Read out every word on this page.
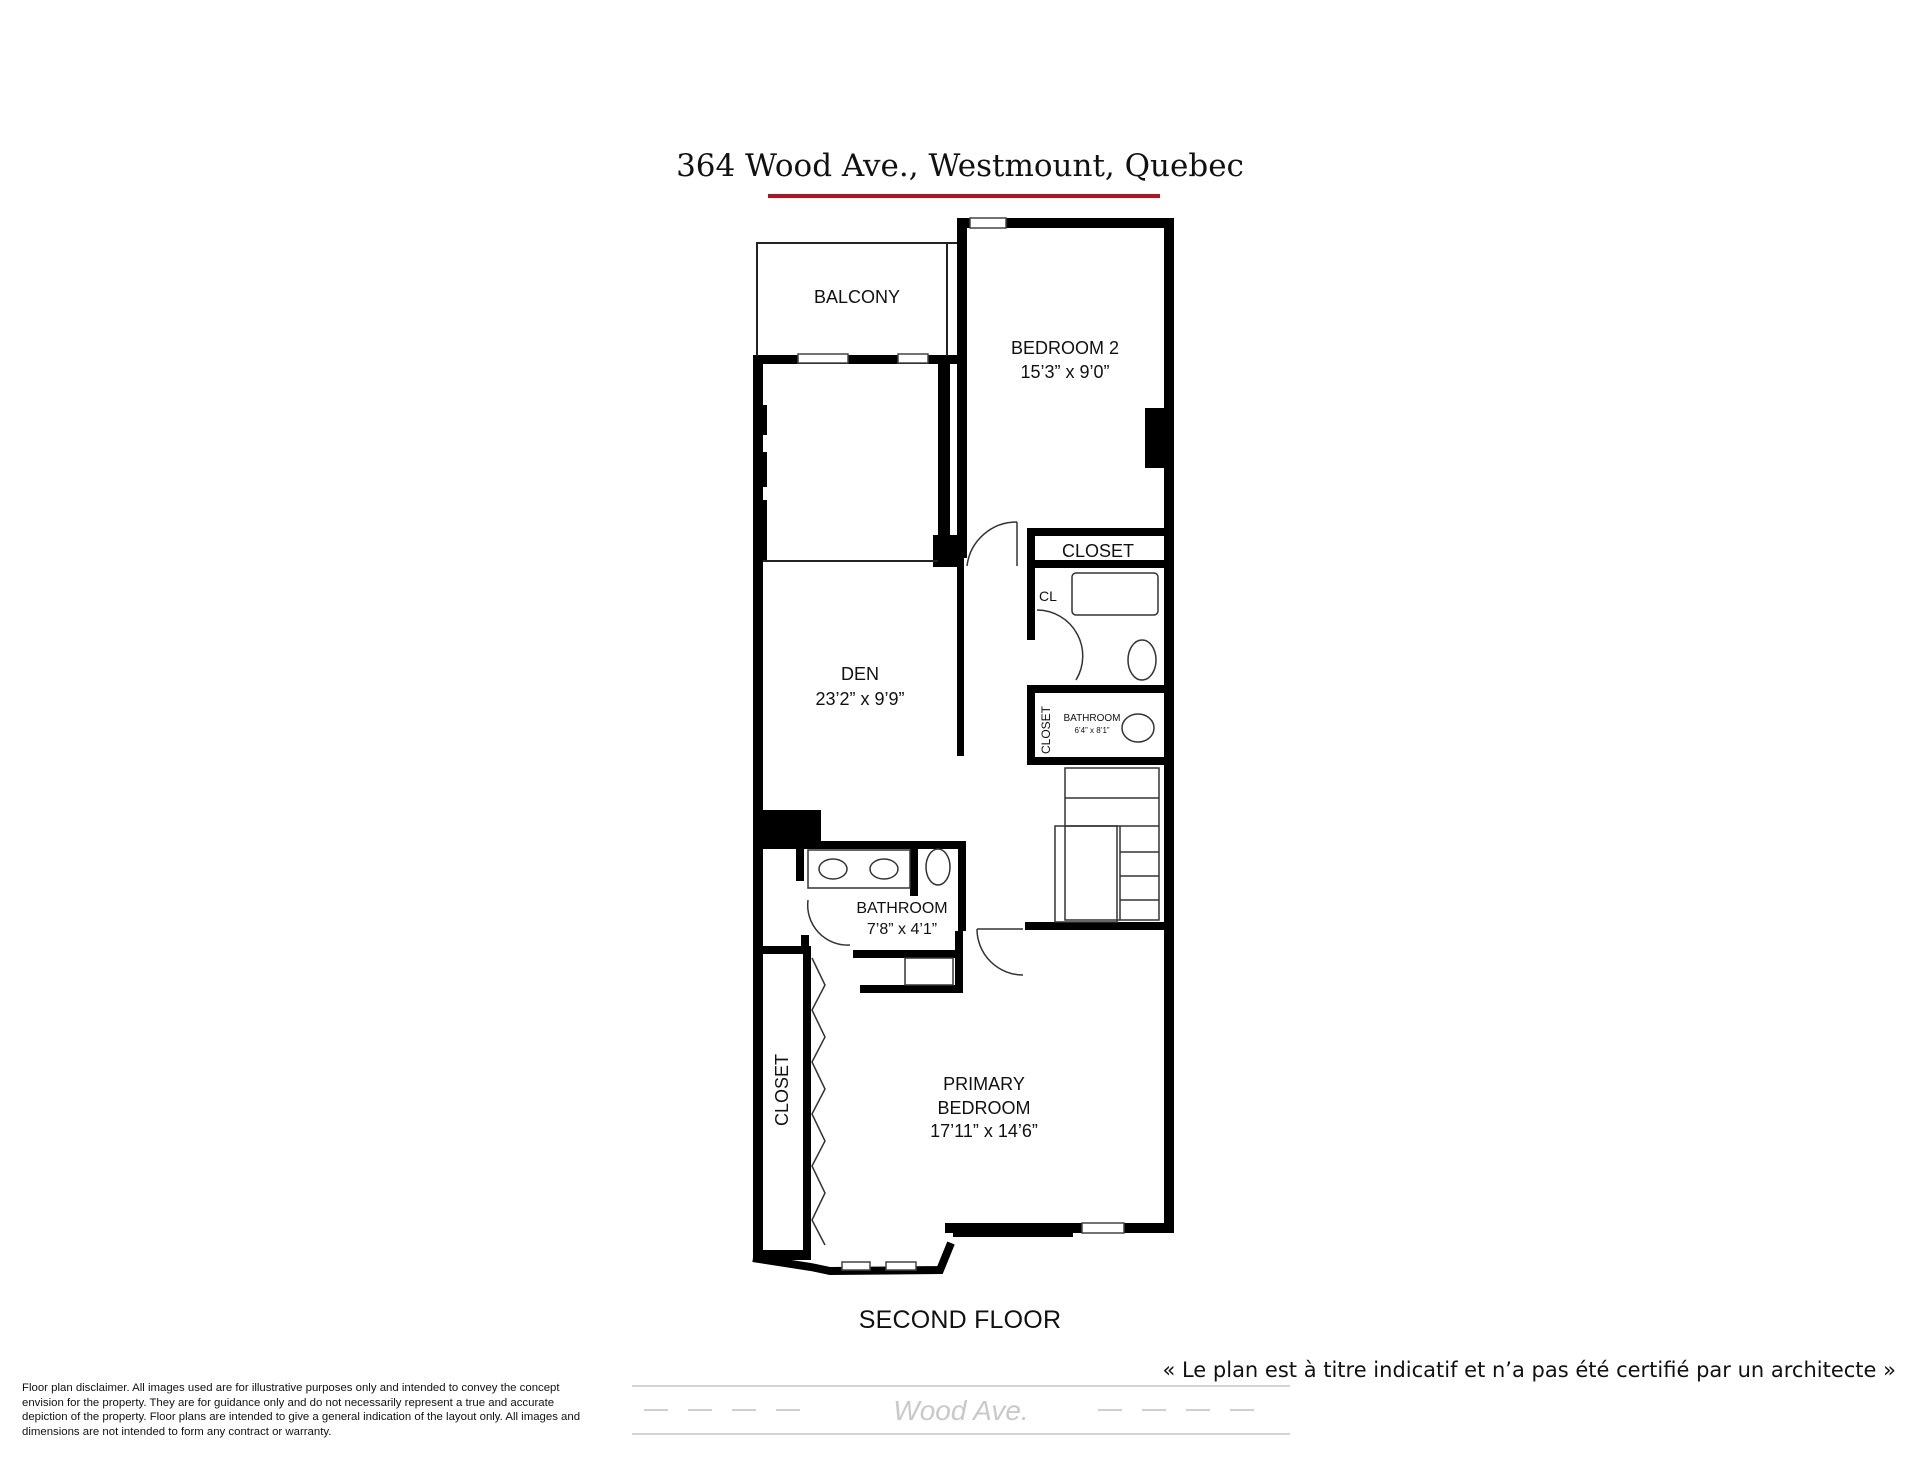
364 Wood Ave., Westmount, Quebec
BALCONY
BEDROOM 2
15’3” x 9’0”
CLOSET
CL
DEN
23’2” x 9’9”
CLOSET BATHROOM
6’4” x 8’1”
BATHROOM
7’8” x 4’1”
CLOSET	PRIMARY
BEDROOM
17’11” x 14’6”
SECOND FLOOR
« Le plan est à titre indicatif et n’a pas été certifié par un architecte »
Floor plan disclaimer. All images used are for illustrative purposes only and intended to convey the concept envision for the property. They are for guidance only and do not necessarily represent a true and accurate depiction of the property. Floor plans are intended to give a general indication of the layout only. All images and dimensions are not intended to form any contract or warranty.
Wood Ave.
